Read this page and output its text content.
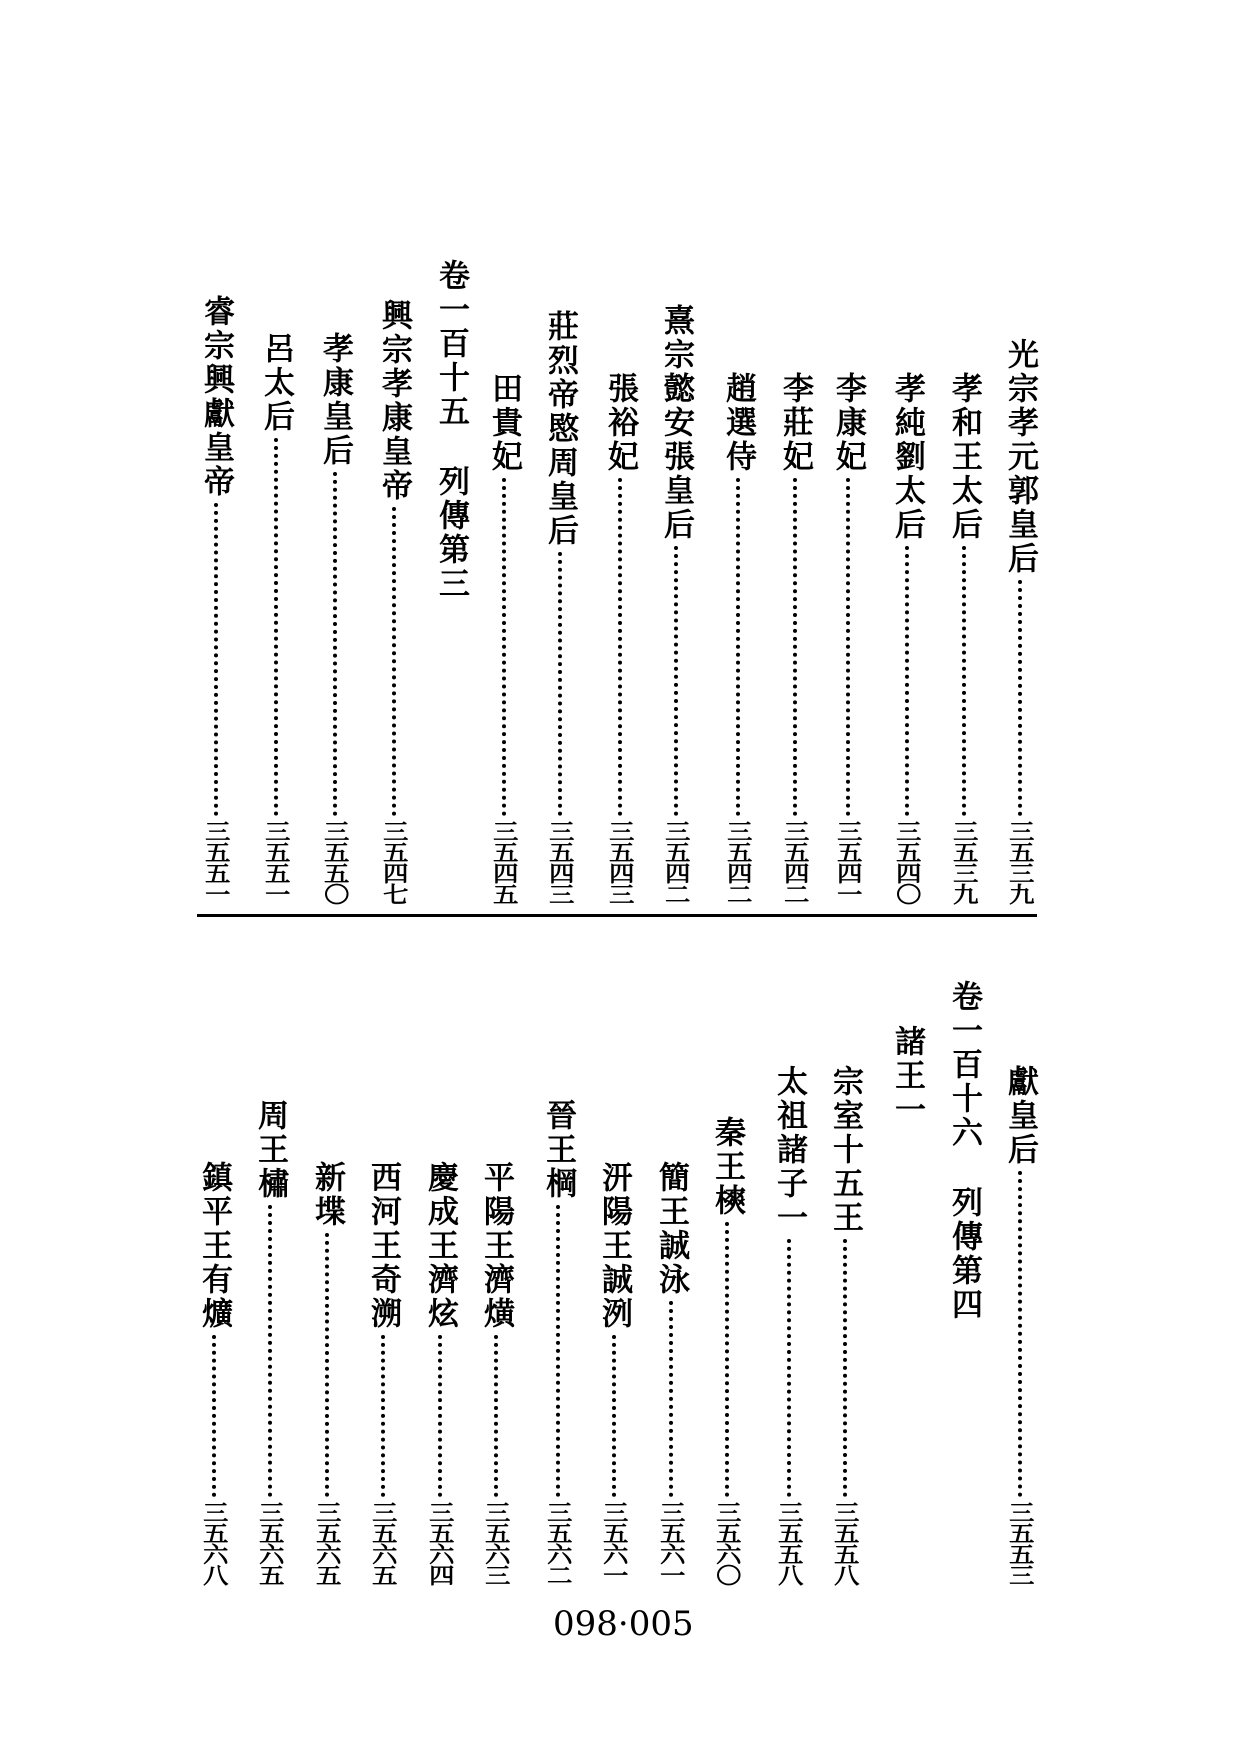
光宗孝元郭皇后
三五三九
孝和王太后
三五三九
孝純劉太后
三五四〇
李康妃
三五四一
李莊妃
三五四二
趙選侍
三五四二
熹宗懿安張皇后
三五四二
張裕妃
三五四三
莊烈帝愍周皇后
三五四三
田貴妃
三五四五
卷一百十五
列傳第三
興宗孝康皇帝
三五四七
孝康皇后
三五五〇
呂太后
三五五一
睿宗興獻皇帝
三五五一
獻皇后
三五五三
卷一百十六
列傳第四
諸王一
宗室十五王
三五五八
太祖諸子一
三五五八
秦王樉
三五六〇
簡王誠泳
三五六一
汧陽王誠洌
三五六一
晉王棡
三五六二
平陽王濟熿
三五六三
慶成王濟炫
三五六四
西河王奇溯
三五六五
新堞
三五六五
周王橚
三五六五
鎮平王有爌
三五六八
098·005
